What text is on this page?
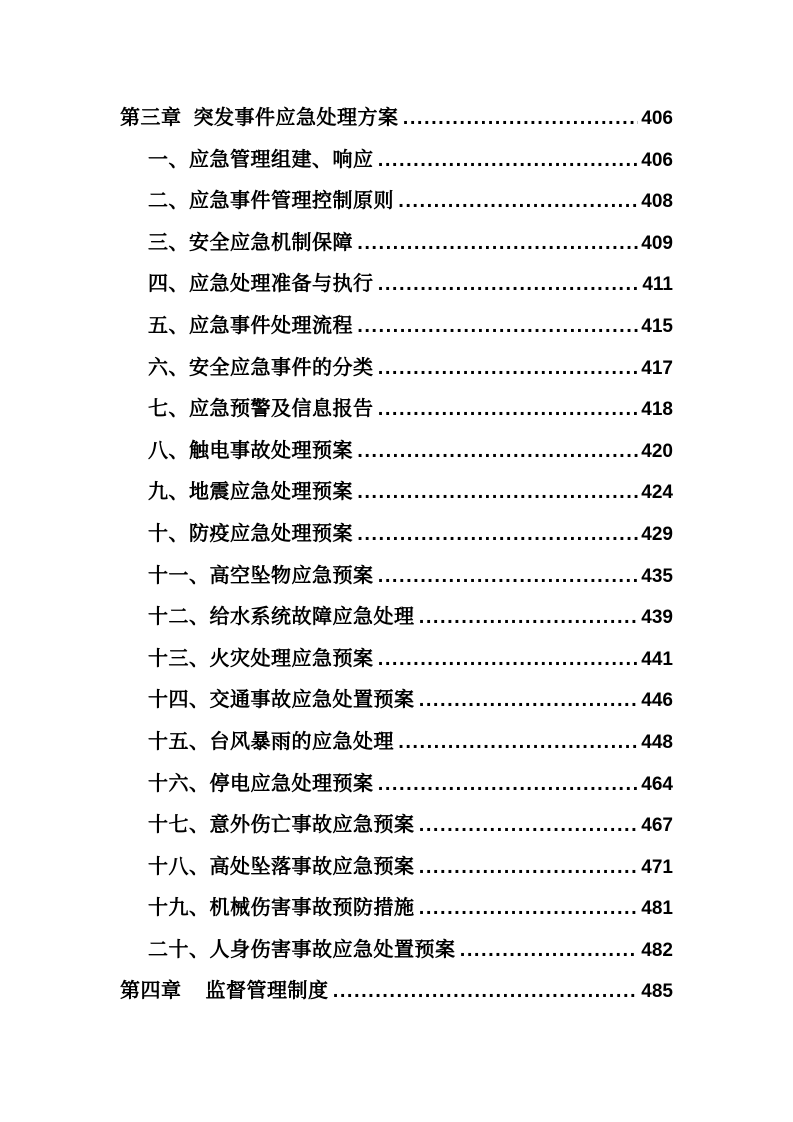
第三章 突发事件应急处理方案 .....	406
一、应急管理组建、响应 .....	406
二、应急事件管理控制原则 .....	408
三、安全应急机制保障 .....	409
四、应急处理准备与执行 .....	411
五、应急事件处理流程 .....	415
六、安全应急事件的分类 .....	417
七、应急预警及信息报告 .....	418
八、触电事故处理预案 .....	420
九、地震应急处理预案 .....	424
十、防疫应急处理预案 .....	429
十一、高空坠物应急预案 .....	435
十二、给水系统故障应急处理 .....	439
十三、火灾处理应急预案 .....	441
十四、交通事故应急处置预案 .....	446
十五、台风暴雨的应急处理 .....	448
十六、停电应急处理预案 .....	464
十七、意外伤亡事故应急预案 .....	467
十八、高处坠落事故应急预案 .....	471
十九、机械伤害事故预防措施 .....	481
二十、人身伤害事故应急处置预案 .....	482
第四章 监督管理制度 .....	485
